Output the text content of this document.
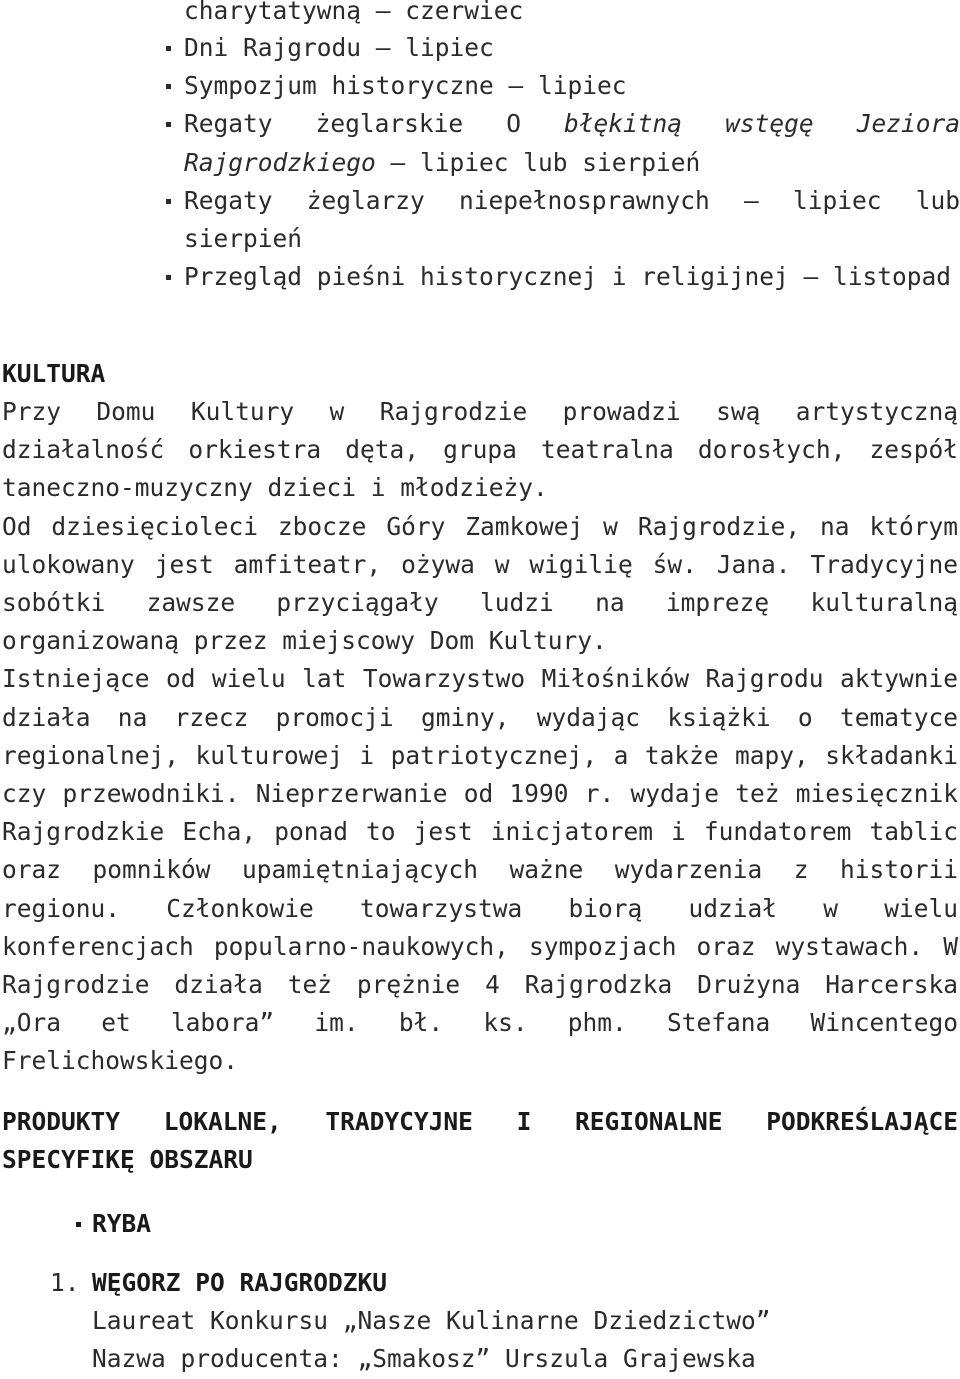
charytatywną – czerwiec

Dni Rajgrodu – lipiec
Sympozjum historyczne – lipiec
Regaty żeglarskie O błękitną wstęgę Jeziora Rajgrodzkiego – lipiec lub sierpień
Regaty żeglarzy niepełnosprawnych – lipiec lub sierpień
Przegląd pieśni historycznej i religijnej – listopad
KULTURA

Przy Domu Kultury w Rajgrodzie prowadzi swą artystyczną działalność orkiestra dęta, grupa teatralna dorosłych, zespół taneczno-muzyczny dzieci i młodzieży.

Od dziesięcioleci zbocze Góry Zamkowej w Rajgrodzie, na którym ulokowany jest amfiteatr, ożywa w wigilię św. Jana. Tradycyjne sobótki zawsze przyciągały ludzi na imprezę kulturalną organizowaną przez miejscowy Dom Kultury.

Istniejące od wielu lat Towarzystwo Miłośników Rajgrodu aktywnie działa na rzecz promocji gminy, wydając książki o tematyce regionalnej, kulturowej i patriotycznej, a także mapy, składanki czy przewodniki. Nieprzerwanie od 1990 r. wydaje też miesięcznik Rajgrodzkie Echa, ponad to jest inicjatorem i fundatorem tablic oraz pomników upamiętniających ważne wydarzenia z historii regionu. Członkowie towarzystwa biorą udział w wielu konferencjach popularno-naukowych, sympozjach oraz wystawach. W Rajgrodzie działa też prężnie 4 Rajgrodzka Drużyna Harcerska „Ora et labora” im. bł. ks. phm. Stefana Wincentego Frelichowskiego.

PRODUKTY LOKALNE, TRADYCYJNE I REGIONALNE PODKREŚLAJĄCE SPECYFIKĘ OBSZARU
RYBA
1. WĘGORZ PO RAJGRODZKU
Laureat Konkursu „Nasze Kulinarne Dziedzictwo”
Nazwa producenta: „Smakosz” Urszula Grajewska
